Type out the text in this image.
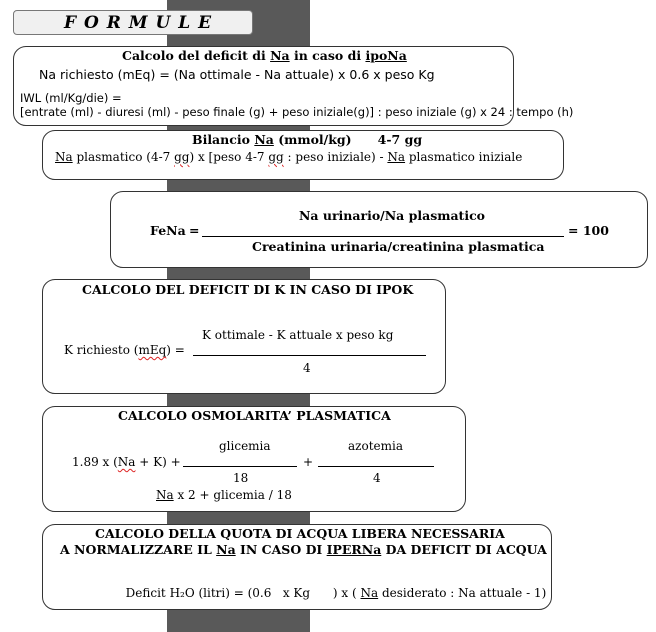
F O R M U L E
Calcolo del deficit di Na in caso di ipoNa
Na richiesto (mEq) = (Na ottimale - Na attuale) x 0.6 x peso Kg
IWL (ml/Kg/die) =
[entrate (ml) - diuresi (ml) - peso finale (g) + peso iniziale(g)] : peso iniziale (g) x 24 : tempo (h)
Bilancio Na (mmol/kg)      4-7 gg
Na plasmatico (4-7 gg) x [peso 4-7 gg : peso iniziale) - Na plasmatico iniziale
Na urinario/Na plasmatico
FeNa =	= 100
Creatinina urinaria/creatinina plasmatica
CALCOLO DEL DEFICIT DI K IN CASO DI IPOK
K ottimale - K attuale x peso kg
K richiesto (mEq) =
4
CALCOLO OSMOLARITA’ PLASMATICA
glicemia	azotemia
1.89 x (Na + K) +	+
18	4
Na x 2 + glicemia / 18
CALCOLO DELLA QUOTA DI ACQUA LIBERA NECESSARIA
A NORMALIZZARE IL Na IN CASO DI IPERNa DA DEFICIT DI ACQUA

Deficit H₂O (litri) = (0.6   x Kg      ) x ( Na desiderato : Na attuale - 1)
